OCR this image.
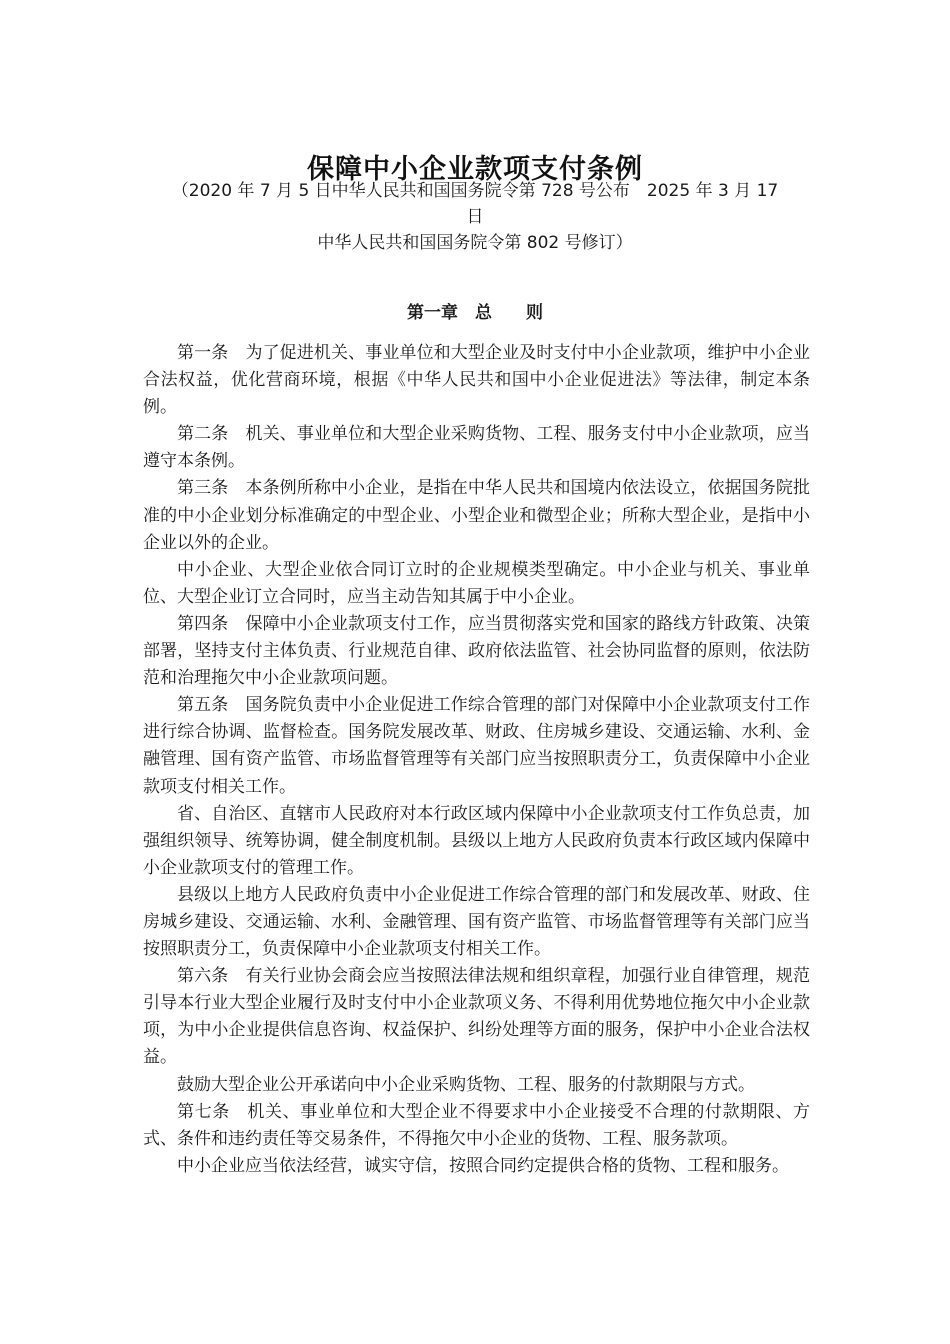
保障中小企业款项支付条例
（2020 年 7 月 5 日中华人民共和国国务院令第 728 号公布　2025 年 3 月 17
日
中华人民共和国国务院令第 802 号修订）
第一章　总　　则

第一条　为了促进机关、事业单位和大型企业及时支付中小企业款项，维护中小企业合法权益，优化营商环境，根据《中华人民共和国中小企业促进法》等法律，制定本条例。

第二条　机关、事业单位和大型企业采购货物、工程、服务支付中小企业款项，应当遵守本条例。

第三条　本条例所称中小企业，是指在中华人民共和国境内依法设立，依据国务院批准的中小企业划分标准确定的中型企业、小型企业和微型企业；所称大型企业，是指中小企业以外的企业。

中小企业、大型企业依合同订立时的企业规模类型确定。中小企业与机关、事业单位、大型企业订立合同时，应当主动告知其属于中小企业。

第四条　保障中小企业款项支付工作，应当贯彻落实党和国家的路线方针政策、决策部署，坚持支付主体负责、行业规范自律、政府依法监管、社会协同监督的原则，依法防范和治理拖欠中小企业款项问题。

第五条　国务院负责中小企业促进工作综合管理的部门对保障中小企业款项支付工作进行综合协调、监督检查。国务院发展改革、财政、住房城乡建设、交通运输、水利、金融管理、国有资产监管、市场监督管理等有关部门应当按照职责分工，负责保障中小企业款项支付相关工作。

省、自治区、直辖市人民政府对本行政区域内保障中小企业款项支付工作负总责，加强组织领导、统筹协调，健全制度机制。县级以上地方人民政府负责本行政区域内保障中小企业款项支付的管理工作。

县级以上地方人民政府负责中小企业促进工作综合管理的部门和发展改革、财政、住房城乡建设、交通运输、水利、金融管理、国有资产监管、市场监督管理等有关部门应当按照职责分工，负责保障中小企业款项支付相关工作。

第六条　有关行业协会商会应当按照法律法规和组织章程，加强行业自律管理，规范引导本行业大型企业履行及时支付中小企业款项义务、不得利用优势地位拖欠中小企业款项，为中小企业提供信息咨询、权益保护、纠纷处理等方面的服务，保护中小企业合法权益。

鼓励大型企业公开承诺向中小企业采购货物、工程、服务的付款期限与方式。

第七条　机关、事业单位和大型企业不得要求中小企业接受不合理的付款期限、方式、条件和违约责任等交易条件，不得拖欠中小企业的货物、工程、服务款项。

中小企业应当依法经营，诚实守信，按照合同约定提供合格的货物、工程和服务。
